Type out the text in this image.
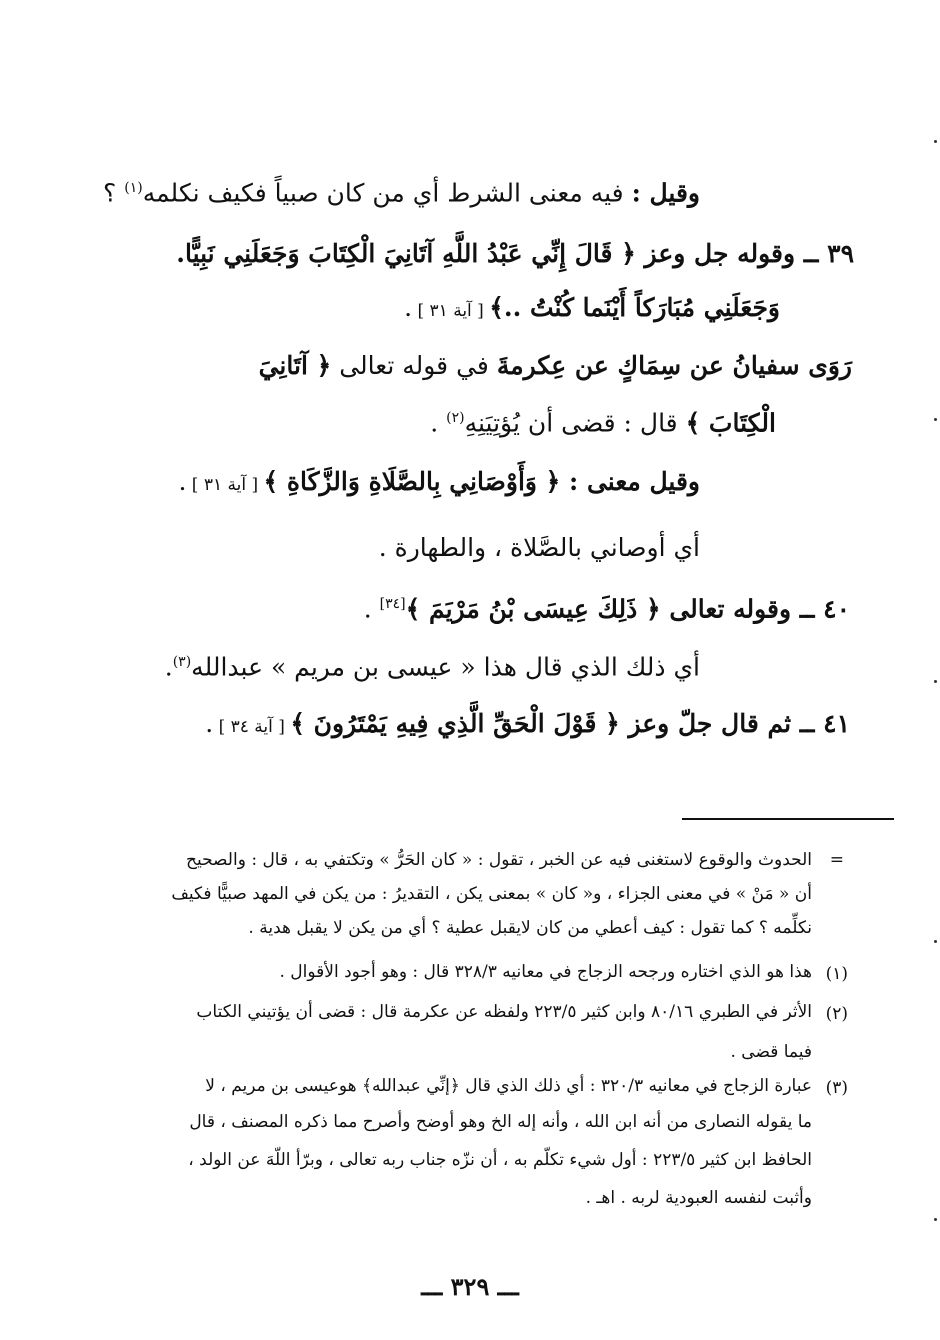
وقيل : فيه معنى الشرط أي من كان صبياً فكيف نكلمه$^{(١)}$ ؟
٣٩ ــ وقوله جل وعز ﴿ قَالَ إِنِّي عَبْدُ اللَّهِ آتَانِيَ الْكِتَابَ وَجَعَلَنِي نَبِيًّا.
وَجَعَلَنِي مُبَارَكاً أَيْنَما كُنْتُ ..﴾ [ آية ٣١ ] .
رَوَى سفيانُ عن سِمَاكٍ عن عِكرمةَ في قوله تعالى ﴿ آتَانِيَ
الْكِتَابَ ﴾ قال : قضى أن يُؤتِيَنِهِ$^{(٢)}$ .
وقيل معنى : ﴿ وَأَوْصَانِي بِالصَّلَاةِ وَالزَّكَاةِ ﴾ [ آية ٣١ ] .
أي أوصاني بالصَّلاة ، والطهارة .
٤٠ ــ وقوله تعالى ﴿ ذَلِكَ عِيسَى بْنُ مَرْيَمَ ﴾[٣٤] .
أي ذلك الذي قال هذا « عيسى بن مريم » عبدالله$^{(٣)}$.
٤١ ــ ثم قال جلّ وعز ﴿ قَوْلَ الْحَقِّ الَّذِي فِيهِ يَمْتَرُونَ ﴾ [ آية ٣٤ ] .
=
الحدوث والوقوع لاستغنى فيه عن الخبر ، تقول : « كان الحَرُّ » وتكتفي به ، قال : والصحيح
أن « مَنْ » في معنى الجزاء ، و« كان » بمعنى يكن ، التقديرُ : من يكن في المهد صبيًّا فكيف
نكلِّمه ؟ كما تقول : كيف أعطي من كان لايقبل عطية ؟ أي من يكن لا يقبل هدية .
(١)
هذا هو الذي اختاره ورجحه الزجاج في معانيه ٣٢٨/٣ قال : وهو أجود الأقوال .
(٢)
الأثر في الطبري ٨٠/١٦ وابن كثير ٢٢٣/٥ ولفظه عن عكرمة قال : قضى أن يؤتيني الكتاب
فيما قضى .
(٣)
عبارة الزجاج في معانيه ٣٢٠/٣ : أي ذلك الذي قال ﴿إنِّي عبدالله﴾ هوعيسى بن مريم ، لا
ما يقوله النصارى من أنه ابن الله ، وأنه إله الخ وهو أوضح وأصرح مما ذكره المصنف ، قال
الحافظ ابن كثير ٢٢٣/٥ : أول شيء تكلّم به ، أن نزّه جناب ربه تعالى ، وبرّأ اللّهَ عن الولد ،
وأثبت لنفسه العبودية لربه . اهـ .
ـــ ٣٢٩ ـــ
